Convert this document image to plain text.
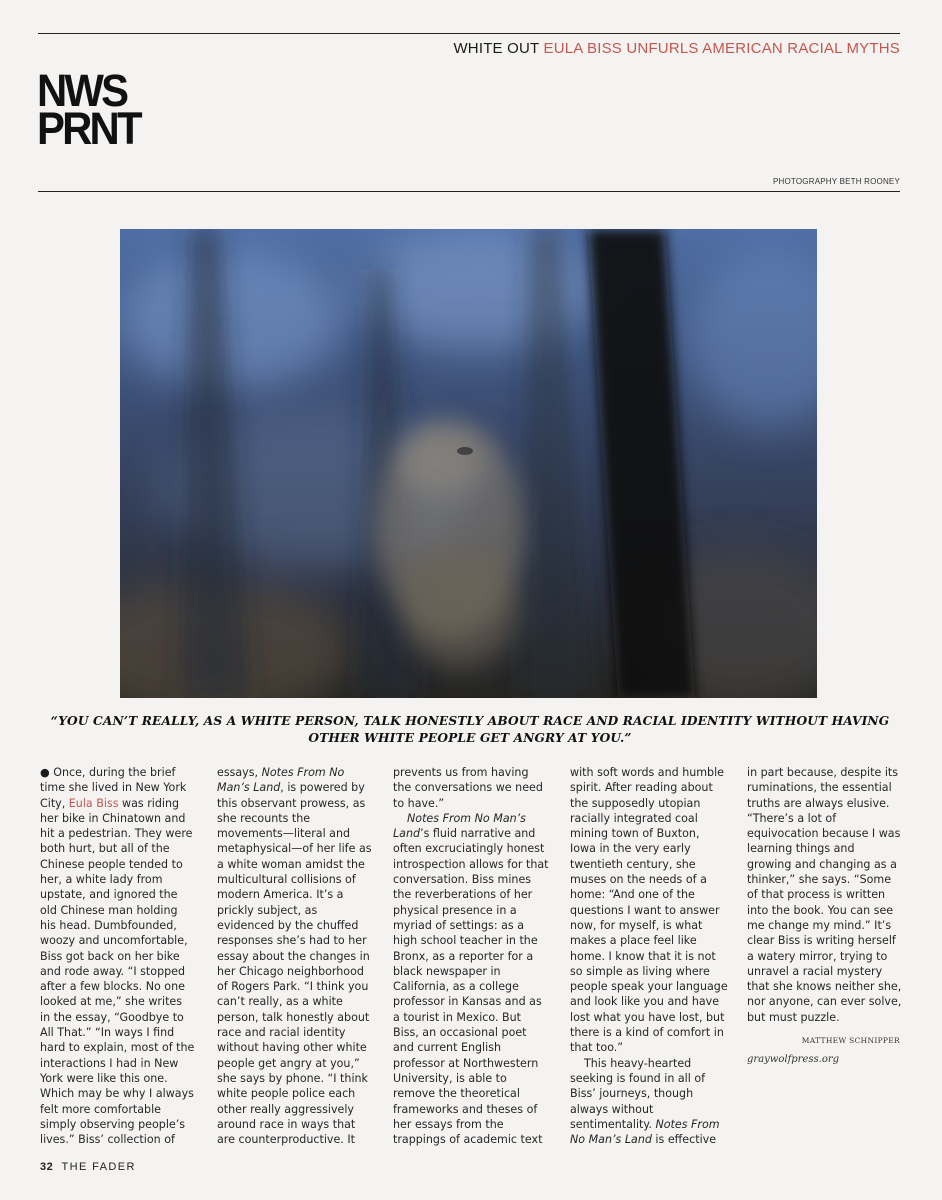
WHITE OUT EULA BISS UNFURLS AMERICAN RACIAL MYTHS
NWS
PRNT
PHOTOGRAPHY BETH ROONEY
“YOU CAN’T REALLY, AS A WHITE PERSON, TALK HONESTLY ABOUT RACE AND RACIAL IDENTITY WITHOUT HAVING OTHER WHITE PEOPLE GET ANGRY AT YOU.”

● Once, during the brief time she lived in New York City, Eula Biss was riding her bike in Chinatown and hit a pedestrian. They were both hurt, but all of the Chinese people tended to her, a white lady from upstate, and ignored the old Chinese man holding his head. Dumbfounded, woozy and uncomfortable, Biss got back on her bike and rode away. “I stopped after a few blocks. No one looked at me,” she writes in the essay, “Goodbye to All That.” “In ways I find hard to explain, most of the interactions I had in New York were like this one. Which may be why I always felt more comfortable simply observing people’s lives.” Biss’ collection of

essays, Notes From No Man’s Land, is powered by this observant prowess, as she recounts the movements—literal and metaphysical—of her life as a white woman amidst the multicultural collisions of modern America. It’s a prickly subject, as evidenced by the chuffed responses she’s had to her essay about the changes in her Chicago neighborhood of Rogers Park. “I think you can’t really, as a white person, talk honestly about race and racial identity without having other white people get angry at you,” she says by phone. “I think white people police each other really aggressively around race in ways that are counterproductive. It

prevents us from having the conversations we need to have.”

Notes From No Man’s Land’s fluid narrative and often excruciatingly honest introspection allows for that conversation. Biss mines the reverberations of her physical presence in a myriad of settings: as a high school teacher in the Bronx, as a reporter for a black newspaper in California, as a college professor in Kansas and as a tourist in Mexico. But Biss, an occasional poet and current English professor at Northwestern University, is able to remove the theoretical frameworks and theses of her essays from the trappings of academic text

with soft words and humble spirit. After reading about the supposedly utopian racially integrated coal mining town of Buxton, Iowa in the very early twentieth century, she muses on the needs of a home: “And one of the questions I want to answer now, for myself, is what makes a place feel like home. I know that it is not so simple as living where people speak your language and look like you and have lost what you have lost, but there is a kind of comfort in that too.”

This heavy-hearted seeking is found in all of Biss’ journeys, though always without sentimentality. Notes From No Man’s Land is effective

in part because, despite its ruminations, the essential truths are always elusive. “There’s a lot of equivocation because I was learning things and growing and changing as a thinker,” she says. “Some of that process is written into the book. You can see me change my mind.” It’s clear Biss is writing herself a watery mirror, trying to unravel a racial mystery that she knows neither she, nor anyone, can ever solve, but must puzzle.

MATTHEW SCHNIPPER
graywolfpress.org
32 THE FADER
